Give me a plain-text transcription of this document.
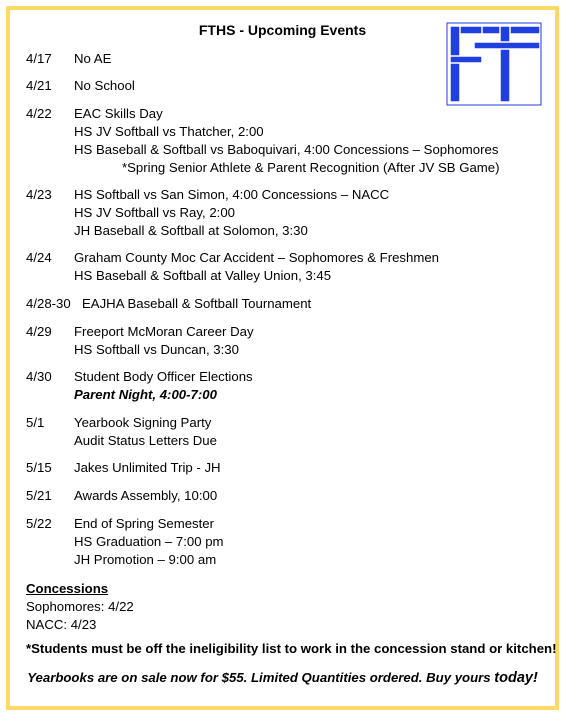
FTHS - Upcoming Events
4/17 No AE
4/21 No School
4/22 EAC Skills Day
HS JV Softball vs Thatcher, 2:00
HS Baseball & Softball vs Baboquivari, 4:00 Concessions – Sophomores
*Spring Senior Athlete & Parent Recognition (After JV SB Game)
4/23 HS Softball vs San Simon, 4:00 Concessions – NACC
HS JV Softball vs Ray, 2:00
JH Baseball & Softball at Solomon, 3:30
4/24 Graham County Moc Car Accident – Sophomores & Freshmen
HS Baseball & Softball at Valley Union, 3:45
4/28-30 EAJHA Baseball & Softball Tournament
4/29 Freeport McMoran Career Day
HS Softball vs Duncan, 3:30
4/30 Student Body Officer Elections
Parent Night, 4:00-7:00
5/1 Yearbook Signing Party
Audit Status Letters Due
5/15 Jakes Unlimited Trip - JH
5/21 Awards Assembly, 10:00
5/22 End of Spring Semester
HS Graduation – 7:00 pm
JH Promotion – 9:00 am
Concessions
Sophomores: 4/22
NACC: 4/23
*Students must be off the ineligibility list to work in the concession stand or kitchen!
Yearbooks are on sale now for $55. Limited Quantities ordered. Buy yours today!
